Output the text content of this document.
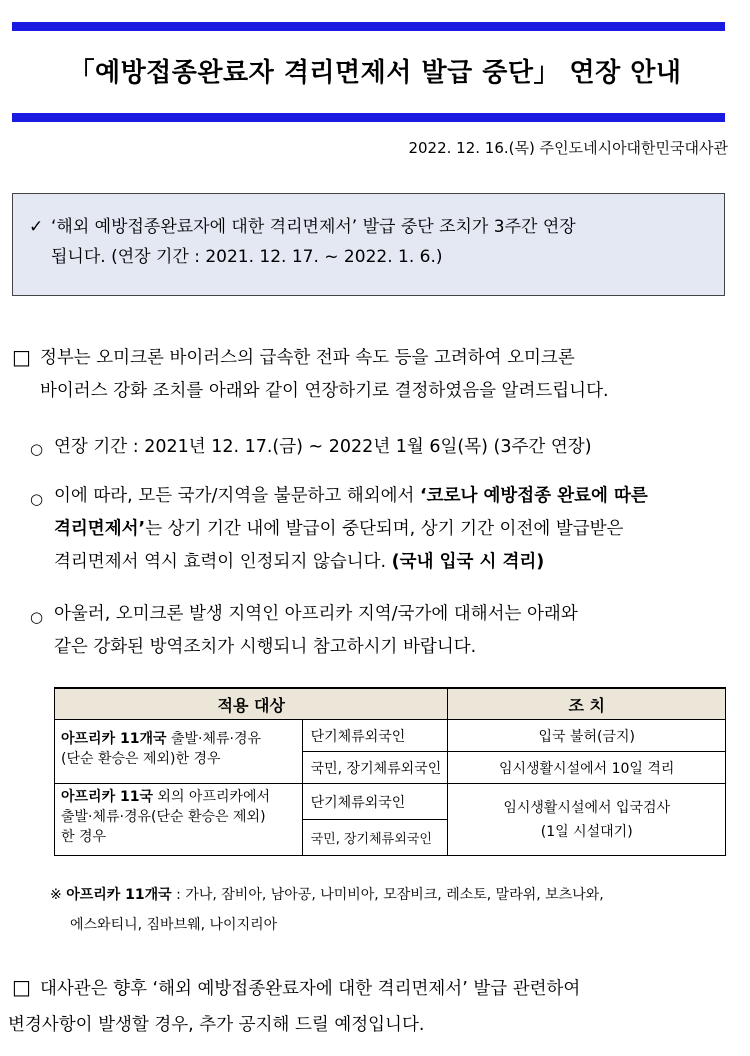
「예방접종완료자 격리면제서 발급 중단」 연장 안내
2022. 12. 16.(목) 주인도네시아대한민국대사관
✓ ‘해외 예방접종완료자에 대한 격리면제서’ 발급 중단 조치가 3주간 연장
됩니다. (연장 기간 : 2021. 12. 17. ~ 2022. 1. 6.)
□ 정부는 오미크론 바이러스의 급속한 전파 속도 등을 고려하여 오미크론
바이러스 강화 조치를 아래와 같이 연장하기로 결정하였음을 알려드립니다.
○ 연장 기간 : 2021년 12. 17.(금) ~ 2022년 1월 6일(목) (3주간 연장)
○ 이에 따라, 모든 국가/지역을 불문하고 해외에서 ‘코로나 예방접종 완료에 따른
격리면제서’는 상기 기간 내에 발급이 중단되며, 상기 기간 이전에 발급받은
격리면제서 역시 효력이 인정되지 않습니다. (국내 입국 시 격리)
○ 아울러, 오미크론 발생 지역인 아프리카 지역/국가에 대해서는 아래와
같은 강화된 방역조치가 시행되니 참고하시기 바랍니다.
적용 대상		조 치
아프리카 11개국 출발·체류·경유
(단순 환승은 제외)한 경우	단기체류외국인	입국 불허(금지)
	국민, 장기체류외국인	임시생활시설에서 10일 격리
아프리카 11국 외의 아프리카에서
출발·체류·경유(단순 환승은 제외)
한 경우	단기체류외국인	임시생활시설에서 입국검사
(1일 시설대기)
	국민, 장기체류외국인	
※ 아프리카 11개국 : 가나, 잠비아, 남아공, 나미비아, 모잠비크, 레소토, 말라위, 보츠나와,
에스와티니, 짐바브웨, 나이지리아
□ 대사관은 향후 ‘해외 예방접종완료자에 대한 격리면제서’ 발급 관련하여
변경사항이 발생할 경우, 추가 공지해 드릴 예정입니다.
